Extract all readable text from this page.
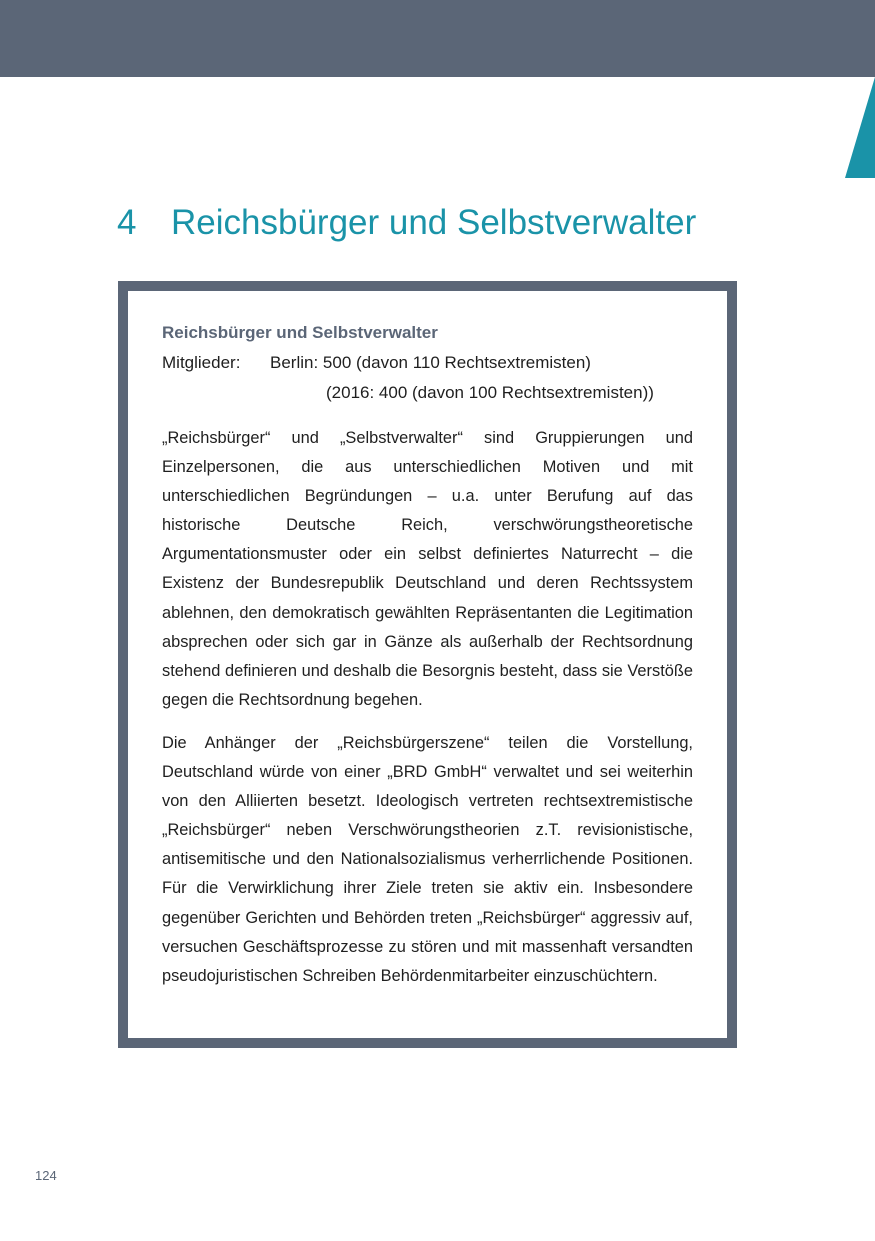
4 Reichsbürger und Selbstverwalter
Reichsbürger und Selbstverwalter
Mitglieder:	Berlin: 500 (davon 110 Rechtsextremisten)
(2016: 400 (davon 100 Rechtsextremisten))

„Reichsbürger“ und „Selbstverwalter“ sind Gruppierungen und Einzelpersonen, die aus unterschiedlichen Motiven und mit unterschiedlichen Begründungen – u.a. unter Berufung auf das historische Deutsche Reich, verschwörungstheoretische Argumentationsmuster oder ein selbst definiertes Naturrecht – die Existenz der Bundesrepublik Deutschland und deren Rechtssystem ablehnen, den demokratisch gewählten Repräsentanten die Legitimation absprechen oder sich gar in Gänze als außerhalb der Rechtsordnung stehend definieren und deshalb die Besorgnis besteht, dass sie Verstöße gegen die Rechtsordnung begehen.

Die Anhänger der „Reichsbürgerszene“ teilen die Vorstellung, Deutschland würde von einer „BRD GmbH“ verwaltet und sei weiterhin von den Alliierten besetzt. Ideologisch vertreten rechtsextremistische „Reichsbürger“ neben Verschwörungstheorien z.T. revisionistische, antisemitische und den Nationalsozialismus verherrlichende Positionen. Für die Verwirklichung ihrer Ziele treten sie aktiv ein. Insbesondere gegenüber Gerichten und Behörden treten „Reichsbürger“ aggressiv auf, versuchen Geschäftsprozesse zu stören und mit massenhaft versandten pseudojuristischen Schreiben Behördenmitarbeiter einzuschüchtern.

124
